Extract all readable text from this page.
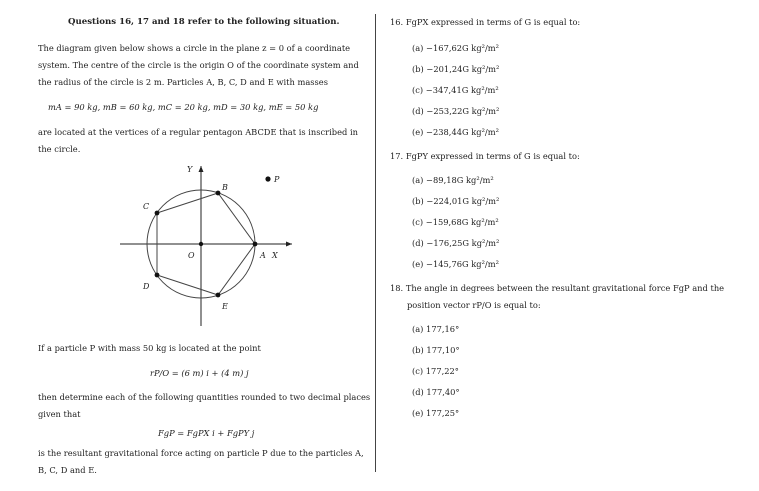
Questions 16, 17 and 18 refer to the following situation.
The diagram given below shows a circle in the plane z = 0 of a coordinate
system. The centre of the circle is the origin O of the coordinate system and
the radius of the circle is 2 m. Particles A, B, C, D and E with masses
mA = 90 kg, mB = 60 kg, mC = 20 kg, mD = 30 kg, mE = 50 kg
are located at the vertices of a regular pentagon ABCDE that is inscribed in
the circle.
Y
X
O
P
A
B
C
D
E
If a particle P with mass 50 kg is located at the point
rP/O = (6 m) i + (4 m) j
then determine each of the following quantities rounded to two decimal places
given that
FgP = FgPX i + FgPY j
is the resultant gravitational force acting on particle P due to the particles A,
B, C, D and E.
16. FgPX expressed in terms of G is equal to:
(a) −167,62G kg²/m²
(b) −201,24G kg²/m²
(c) −347,41G kg²/m²
(d) −253,22G kg²/m²
(e) −238,44G kg²/m²
17. FgPY expressed in terms of G is equal to:
(a) −89,18G kg²/m²
(b) −224,01G kg²/m²
(c) −159,68G kg²/m²
(d) −176,25G kg²/m²
(e) −145,76G kg²/m²
18. The angle in degrees between the resultant gravitational force FgP and the
position vector rP/O is equal to:
(a) 177,16°
(b) 177,10°
(c) 177,22°
(d) 177,40°
(e) 177,25°
